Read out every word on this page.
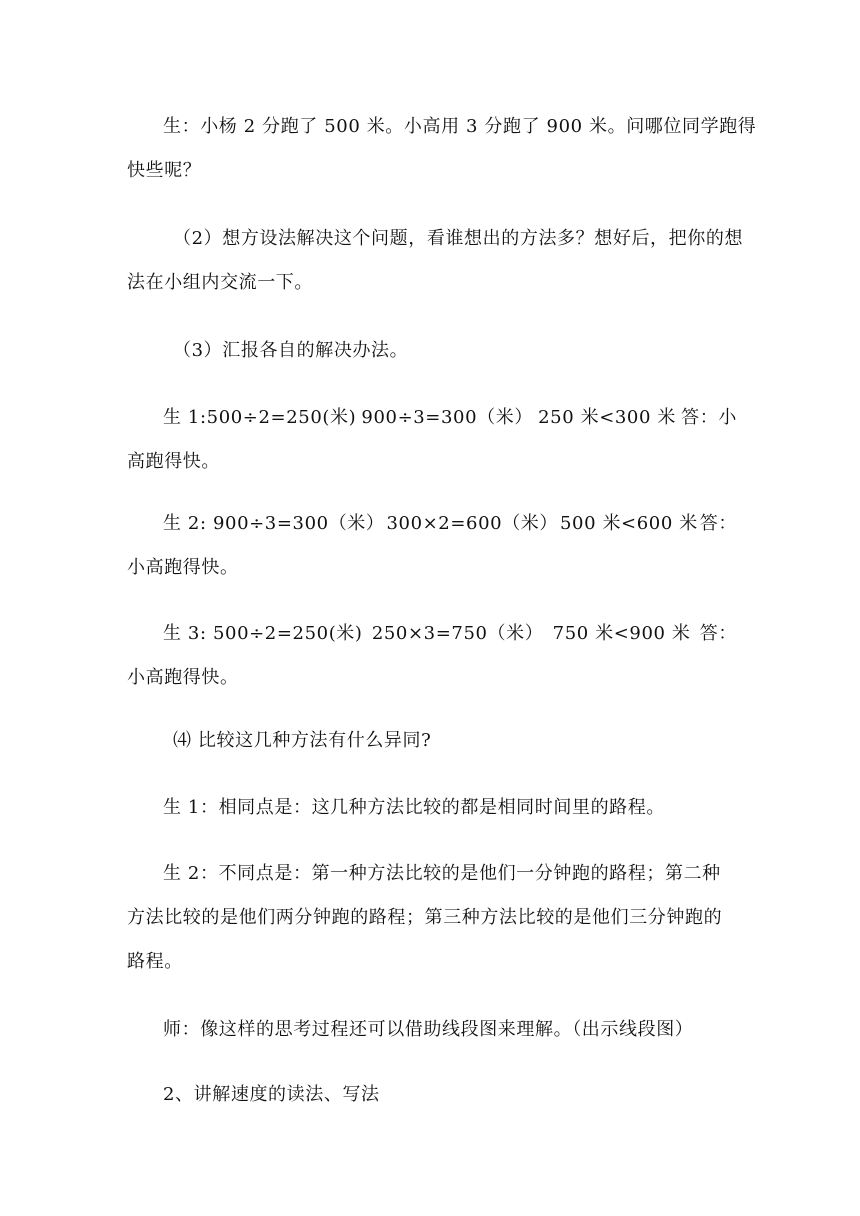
生：小杨 2 分跑了 500 米。小高用 3 分跑了 900 米。问哪位同学跑得
快些呢？
（2）想方设法解决这个问题，看谁想出的方法多？想好后，把你的想
法在小组内交流一下。
（3）汇报各自的解决办法。
生 1:500÷2=250(米) 900÷3=300（米） 250 米<300 米 答：小
高跑得快。
生 2: 900÷3=300（米） 300×2=600（米） 500 米<600 米 答：
小高跑得快。
生 3: 500÷2=250(米) 250×3=750（米） 750 米<900 米 答：
小高跑得快。
⑷ 比较这几种方法有什么异同?
生 1：相同点是：这几种方法比较的都是相同时间里的路程。
生 2：不同点是：第一种方法比较的是他们一分钟跑的路程；第二种
方法比较的是他们两分钟跑的路程；第三种方法比较的是他们三分钟跑的
路程。
师：像这样的思考过程还可以借助线段图来理解。（出示线段图）
2、讲解速度的读法、写法
